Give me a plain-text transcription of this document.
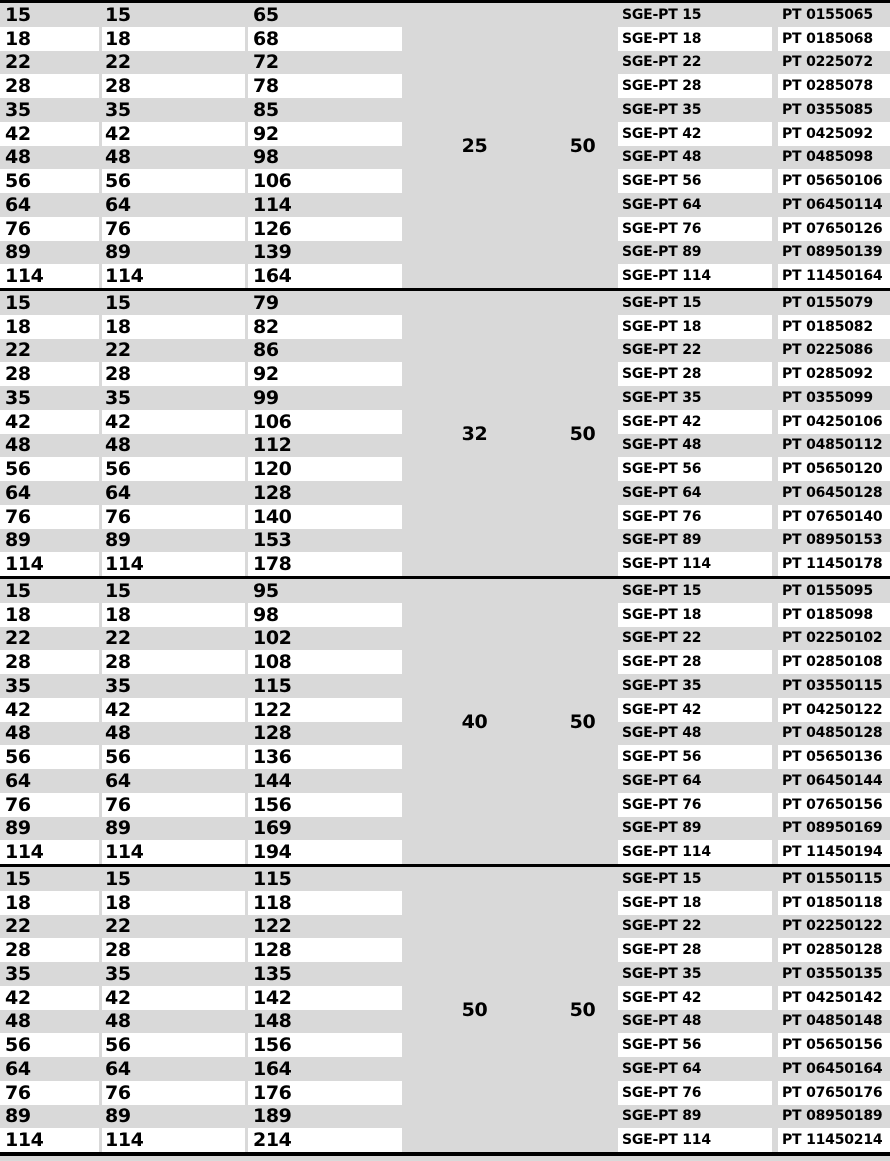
15	15	65	SGE-PT 15	PT 0155065
18	18	68	SGE-PT 18	PT 0185068
22	22	72	SGE-PT 22	PT 0225072
28	28	78	SGE-PT 28	PT 0285078
35	35	85	SGE-PT 35	PT 0355085
42	42	92	SGE-PT 42	PT 0425092
48	48	98	SGE-PT 48	PT 0485098
56	56	106	SGE-PT 56	PT 05650106
64	64	114	SGE-PT 64	PT 06450114
76	76	126	SGE-PT 76	PT 07650126
89	89	139	SGE-PT 89	PT 08950139
114	114	164	SGE-PT 114	PT 11450164
25	50
15	15	79	SGE-PT 15	PT 0155079
18	18	82	SGE-PT 18	PT 0185082
22	22	86	SGE-PT 22	PT 0225086
28	28	92	SGE-PT 28	PT 0285092
35	35	99	SGE-PT 35	PT 0355099
42	42	106	SGE-PT 42	PT 04250106
48	48	112	SGE-PT 48	PT 04850112
56	56	120	SGE-PT 56	PT 05650120
64	64	128	SGE-PT 64	PT 06450128
76	76	140	SGE-PT 76	PT 07650140
89	89	153	SGE-PT 89	PT 08950153
114	114	178	SGE-PT 114	PT 11450178
32	50
15	15	95	SGE-PT 15	PT 0155095
18	18	98	SGE-PT 18	PT 0185098
22	22	102	SGE-PT 22	PT 02250102
28	28	108	SGE-PT 28	PT 02850108
35	35	115	SGE-PT 35	PT 03550115
42	42	122	SGE-PT 42	PT 04250122
48	48	128	SGE-PT 48	PT 04850128
56	56	136	SGE-PT 56	PT 05650136
64	64	144	SGE-PT 64	PT 06450144
76	76	156	SGE-PT 76	PT 07650156
89	89	169	SGE-PT 89	PT 08950169
114	114	194	SGE-PT 114	PT 11450194
40	50
15	15	115	SGE-PT 15	PT 01550115
18	18	118	SGE-PT 18	PT 01850118
22	22	122	SGE-PT 22	PT 02250122
28	28	128	SGE-PT 28	PT 02850128
35	35	135	SGE-PT 35	PT 03550135
42	42	142	SGE-PT 42	PT 04250142
48	48	148	SGE-PT 48	PT 04850148
56	56	156	SGE-PT 56	PT 05650156
64	64	164	SGE-PT 64	PT 06450164
76	76	176	SGE-PT 76	PT 07650176
89	89	189	SGE-PT 89	PT 08950189
114	114	214	SGE-PT 114	PT 11450214
50	50
